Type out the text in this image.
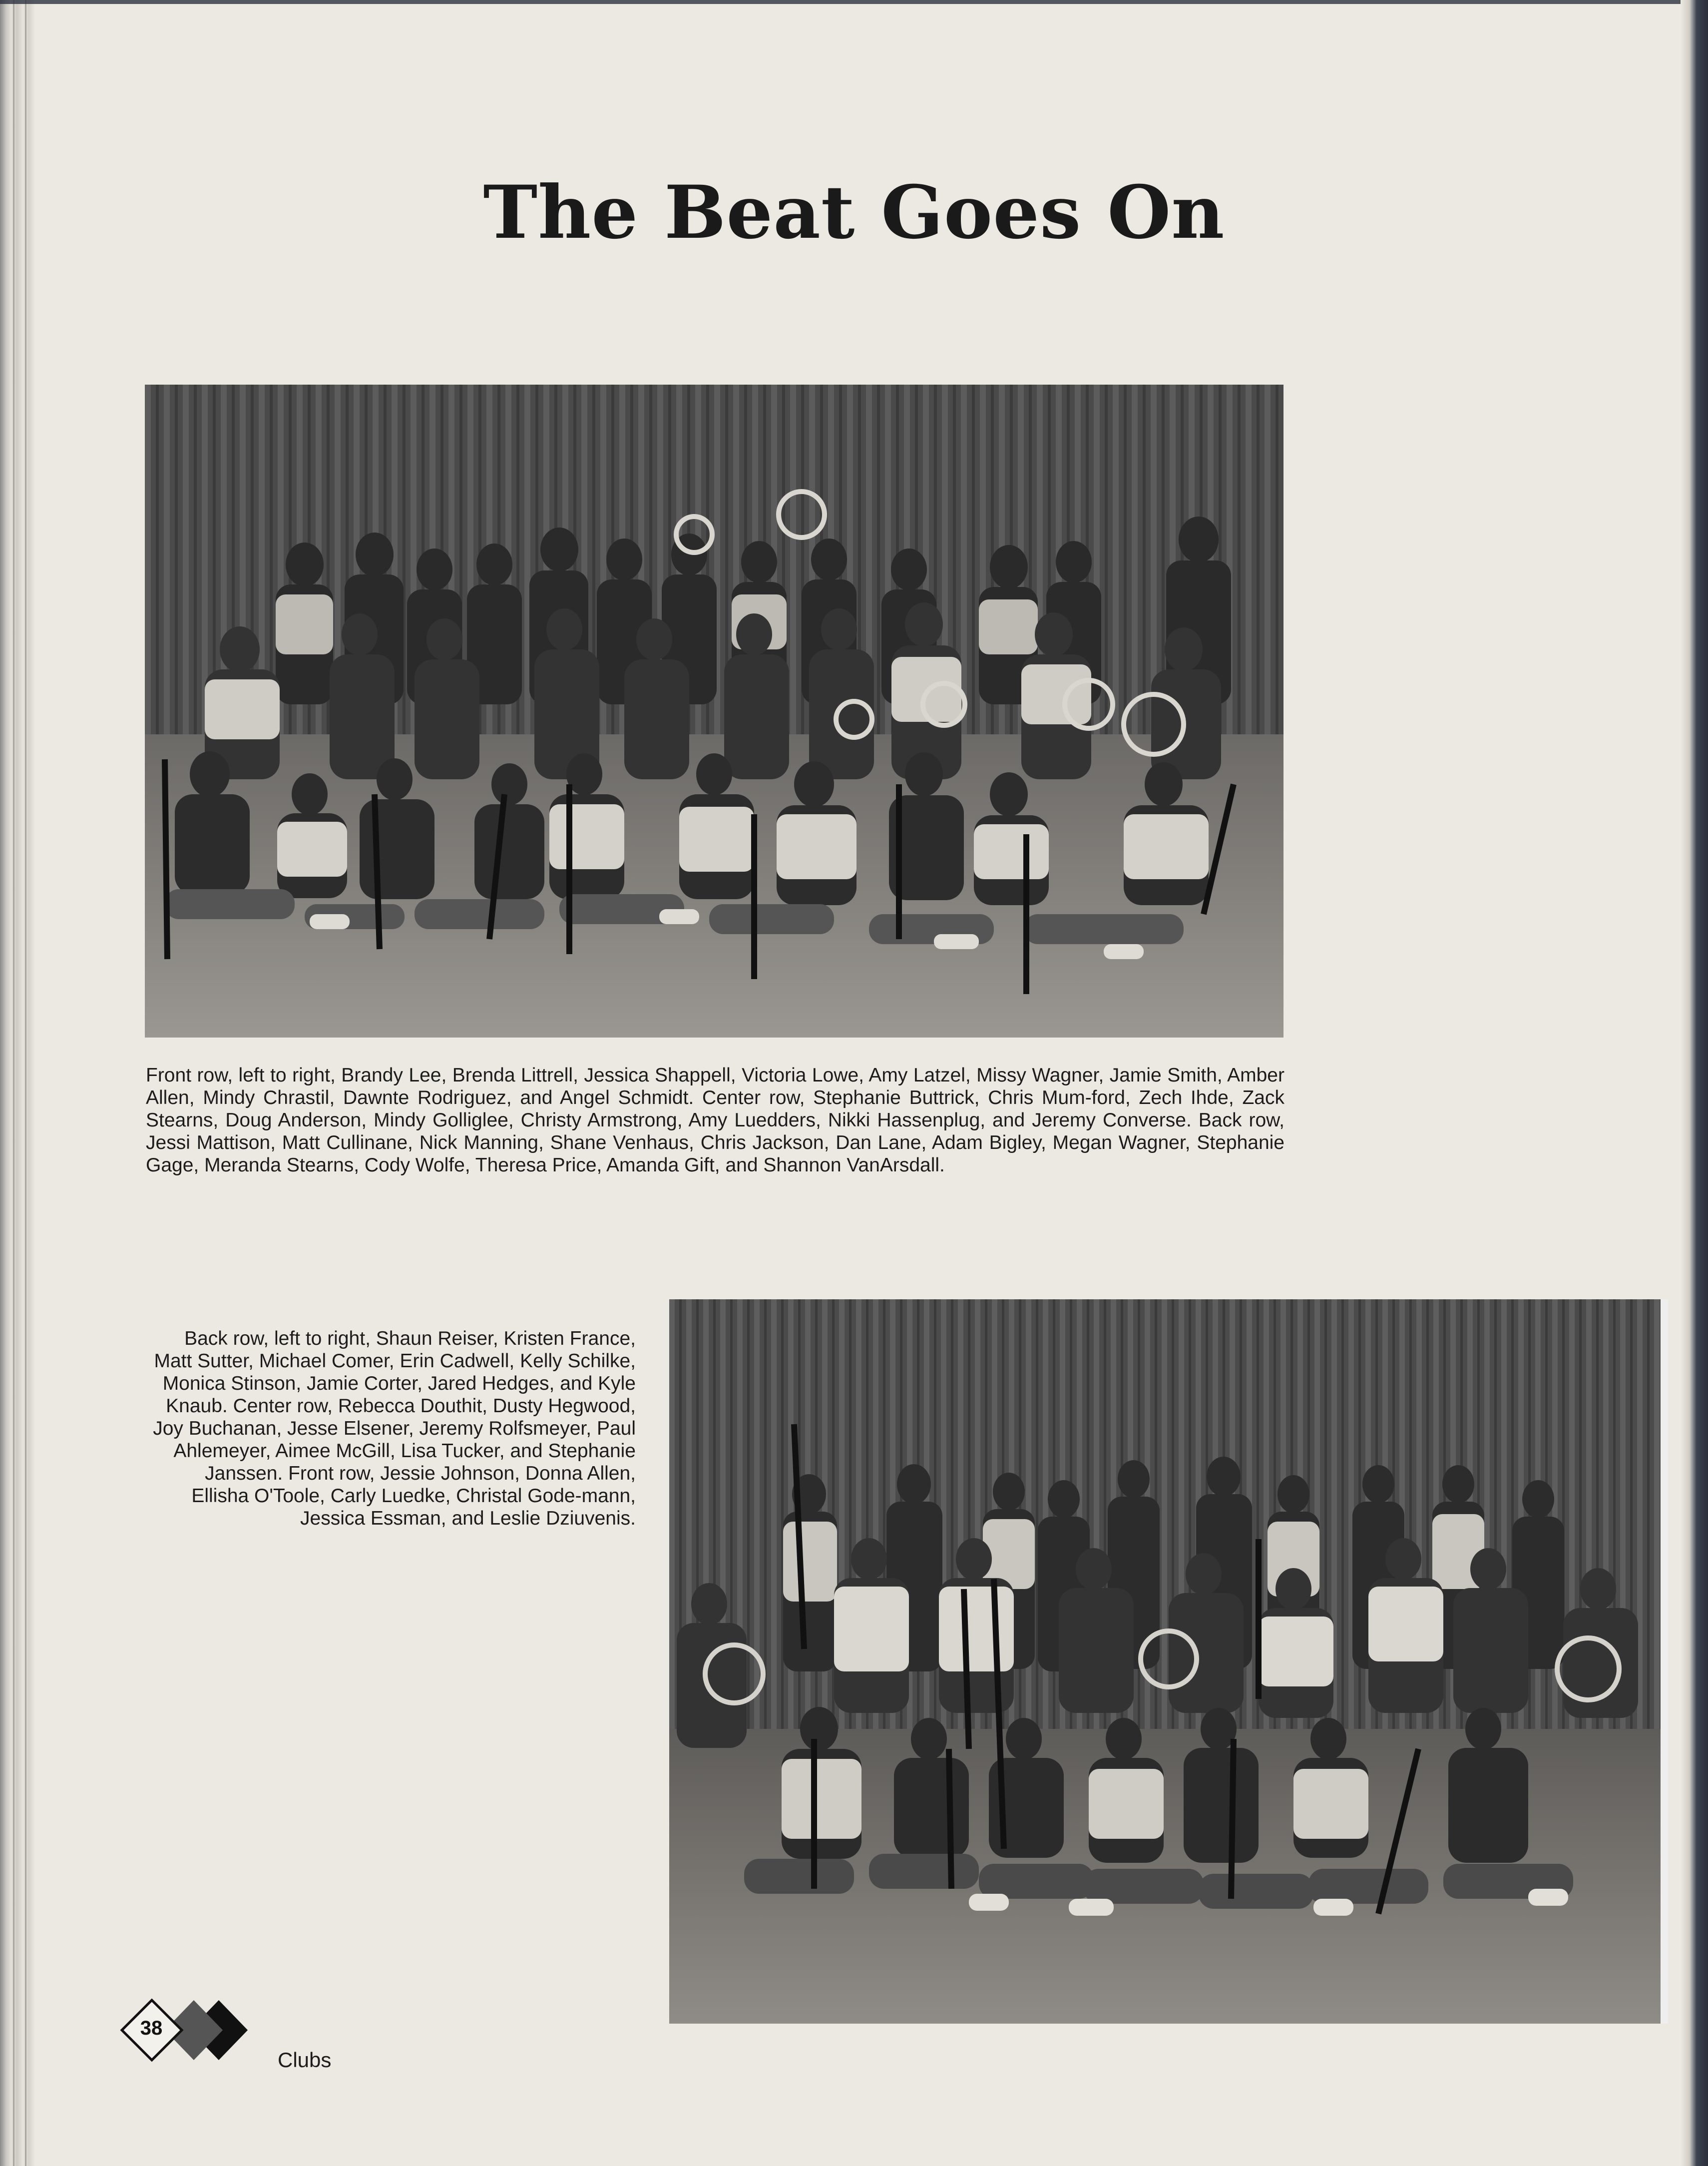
The Beat Goes On

Front row, left to right, Brandy Lee, Brenda Littrell, Jessica Shappell, Victoria Lowe, Amy Latzel, Missy Wagner, Jamie Smith, Amber Allen, Mindy Chrastil, Dawnte Rodriguez, and Angel Schmidt. Center row, Stephanie Buttrick, Chris Mum-ford, Zech Ihde, Zack Stearns, Doug Anderson, Mindy Golliglee, Christy Armstrong, Amy Luedders, Nikki Hassenplug, and Jeremy Converse. Back row, Jessi Mattison, Matt Cullinane, Nick Manning, Shane Venhaus, Chris Jackson, Dan Lane, Adam Bigley, Megan Wagner, Stephanie Gage, Meranda Stearns, Cody Wolfe, Theresa Price, Amanda Gift, and Shannon VanArsdall.

Back row, left to right, Shaun Reiser, Kristen France, Matt Sutter, Michael Comer, Erin Cadwell, Kelly Schilke, Monica Stinson, Jamie Corter, Jared Hedges, and Kyle Knaub. Center row, Rebecca Douthit, Dusty Hegwood, Joy Buchanan, Jesse Elsener, Jeremy Rolfsmeyer, Paul Ahlemeyer, Aimee McGill, Lisa Tucker, and Stephanie Janssen. Front row, Jessie Johnson, Donna Allen, Ellisha O'Toole, Carly Luedke, Christal Gode-mann, Jessica Essman, and Leslie Dziuvenis.

38
Clubs
